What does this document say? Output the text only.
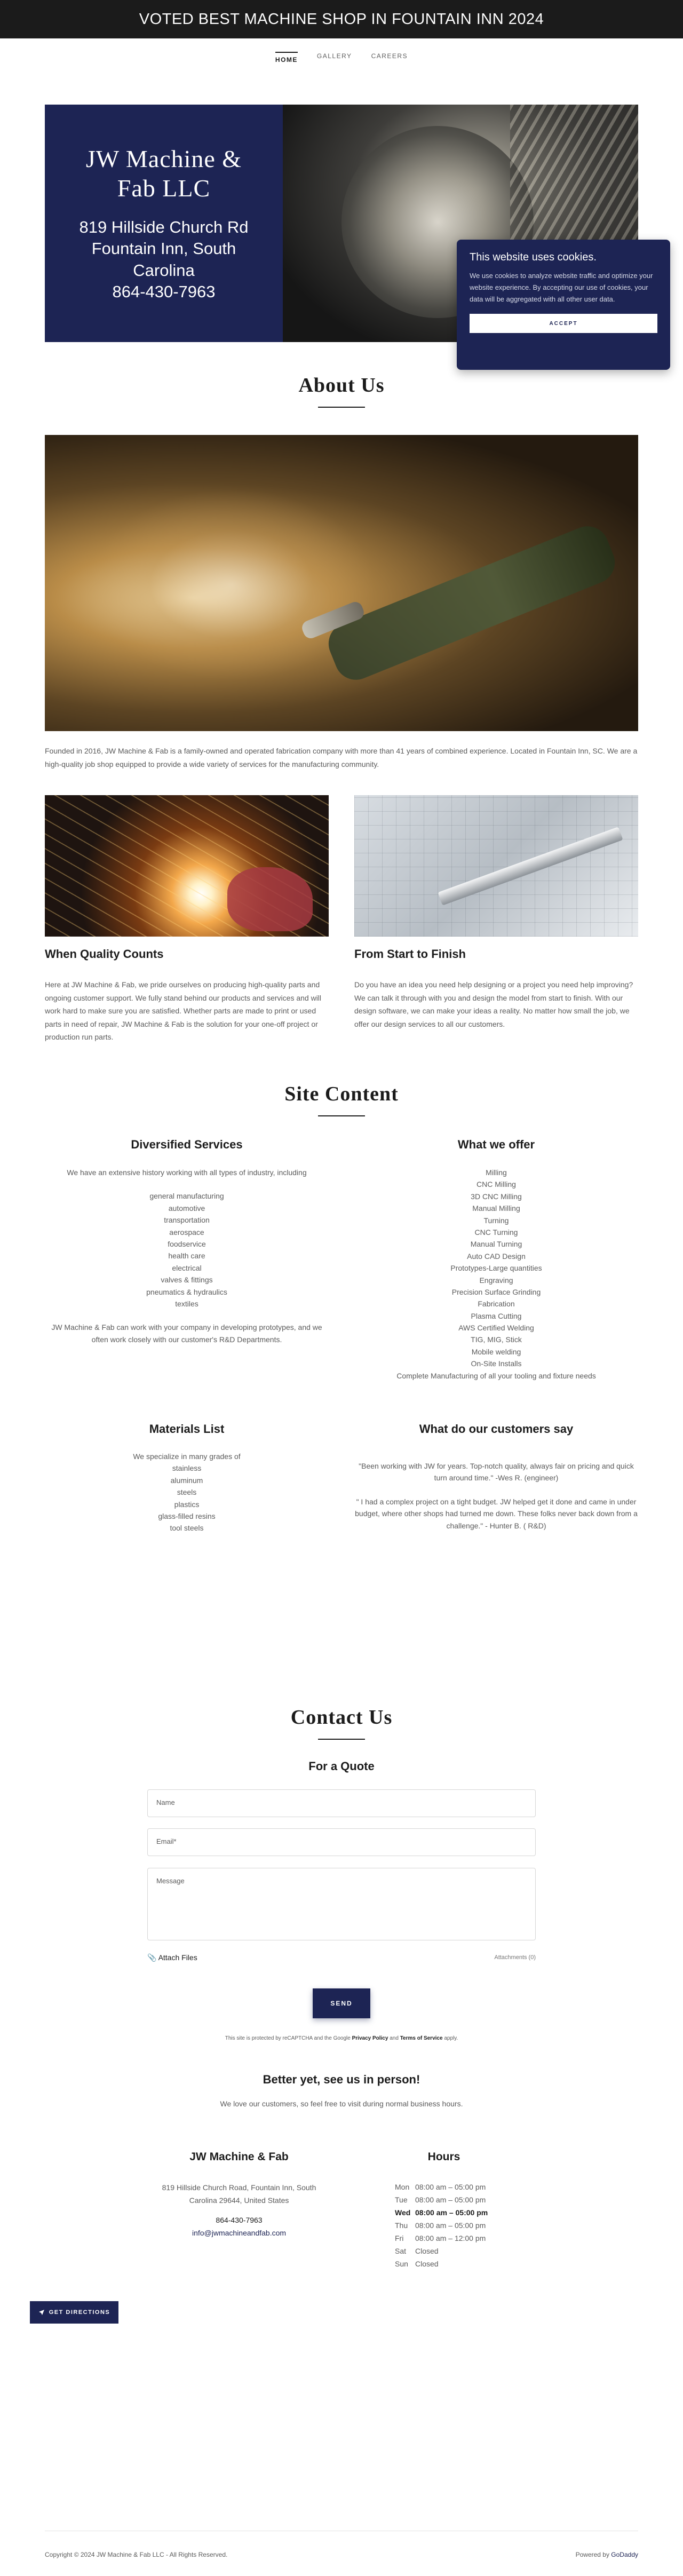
VOTED BEST MACHINE SHOP IN FOUNTAIN INN 2024
HOME	GALLERY	CAREERS
JW Machine & Fab LLC
819 Hillside Church Rd
Fountain Inn, South Carolina
864-430-7963
This website uses cookies.
We use cookies to analyze website traffic and optimize your website experience. By accepting our use of cookies, your data will be aggregated with all other user data.
ACCEPT
About Us

Founded in 2016, JW Machine & Fab is a family-owned and operated fabrication company with more than 41 years of combined experience. Located in Fountain Inn, SC. We are a high-quality job shop equipped to provide a wide variety of services for the manufacturing community.

When Quality Counts	From Start to Finish

Here at JW Machine & Fab, we pride ourselves on producing high-quality parts and ongoing customer support. We fully stand behind our products and services and will work hard to make sure you are satisfied. Whether parts are made to print or used parts in need of repair, JW Machine & Fab is the solution for your one-off project or production run parts.

Do you have an idea you need help designing or a project you need help improving? We can talk it through with you and design the model from start to finish. With our design software, we can make your ideas a reality. No matter how small the job, we offer our design services to all our customers.

Site Content
Diversified Services
We have an extensive history working with all types of industry, including
general manufacturing
automotive
transportation
aerospace
foodservice
health care
electrical
valves & fittings
pneumatics & hydraulics
textiles
JW Machine & Fab can work with your company in developing prototypes, and we often work closely with our customer's R&D Departments.
What we offer
Milling
CNC Milling
3D CNC Milling
Manual Milling
Turning
CNC Turning
Manual Turning
Auto CAD Design
Prototypes-Large quantities
Engraving
Precision Surface Grinding
Fabrication
Plasma Cutting
AWS Certified Welding
TIG, MIG, Stick
Mobile welding
On-Site Installs
Complete Manufacturing of all your tooling and fixture needs
Materials List
We specialize in many grades of
stainless
aluminum
steels
plastics
glass-filled resins
tool steels
What do our customers say
"Been working with JW for years. Top-notch quality, always fair on pricing and quick turn around time." -Wes R. (engineer)
" I had a complex project on a tight budget. JW helped get it done and came in under budget, where other shops had turned me down. These folks never back down from a challenge." - Hunter B. ( R&D)
Contact Us
For a Quote
Name
Email*
Message
📎 Attach Files	Attachments (0)
SEND
This site is protected by reCAPTCHA and the Google Privacy Policy and Terms of Service apply.
Better yet, see us in person!

We love our customers, so feel free to visit during normal business hours.

JW Machine & Fab
819 Hillside Church Road, Fountain Inn, South
Carolina 29644, United States
864-430-7963
info@jwmachineandfab.com
Hours
Mon 08:00 am – 05:00 pm
Tue	08:00 am – 05:00 pm
Wed 08:00 am – 05:00 pm
Thu 08:00 am – 05:00 pm
Fri	08:00 am – 12:00 pm
Sat	Closed
Sun Closed
GET DIRECTIONS
Copyright © 2024 JW Machine & Fab LLC - All Rights Reserved.	Powered by GoDaddy
